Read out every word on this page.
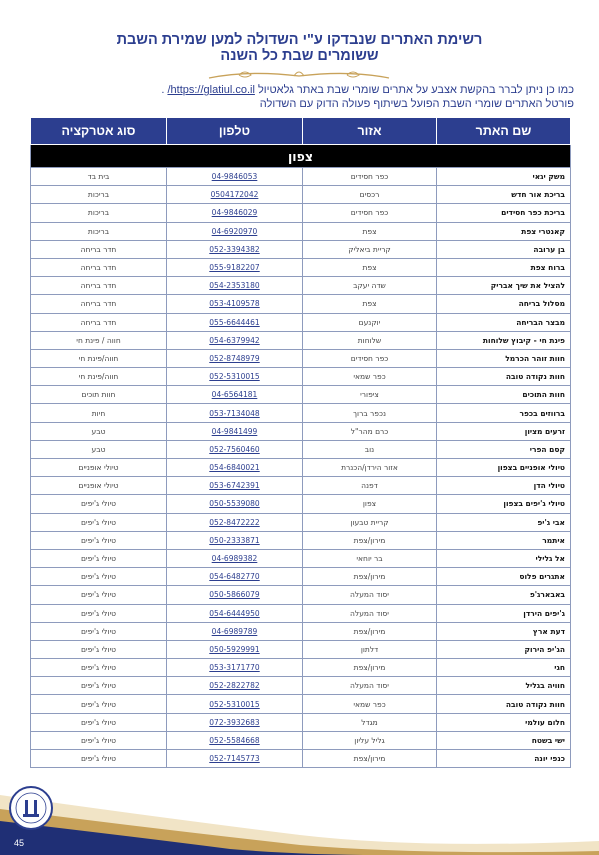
רשימת האתרים שנבדקו ע"י השדולה למען שמירת השבת
ששומרים שבת כל השנה
כמו כן ניתן לברר בהקשת אצבע על אתרים שומרי שבת באתר גלאטיול https://glatiul.co.il/ .
פורטל האתרים שומרי השבת הפועל בשיתוף פעולה הדוק עם השדולה
שם האתר	אזור	טלפון	סוג אטרקציה
צפון			
משק יגאי	כפר חסידים	04-9846053	בית בד
בריכת אור חדש	רכסים	0504172042	בריכות
בריכת כפר חסידים	כפר חסידים	04-9846029	בריכות
קאנטרי צפת	צפת	04-6920970	בריכות
בן ערובה	קריית ביאליק	052-3394382	חדר בריחה
ברוח צפת	צפת	055-9182207	חדר בריחה
להציל את שיך אבריק	שדה יעקב	054-2353180	חדר בריחה
מסלול בריחה	צפת	053-4109578	חדר בריחה
מבצר הבריחה	יוקנעם	055-6644461	חדר בריחה
פינת חי - קיבוץ שלוחות	שלוחות	054-6379942	חווה / פינת חי
חוות זוהר הכרמל	כפר חסידים	052-8748979	חווה/פינת חי
חוות נקודה טובה	כפר שמאי	052-5310015	חווה/פינת חי
חוות התוכים	ציפורי	04-6564181	חוות תוכים
ברווזים בכפר	נכפר ברוך	053-7134048	חיות
זרעים מציון	כרם מהר"ל	04-9841499	טבע
קסם הפרי	נוב	052-7560460	טבע
טיולי אופניים בצפון	אזור הירדן/הכנרת	054-6840021	טיולי אופניים
טיולי הדן	דפנה	053-6742391	טיולי אופניים
טיולי ג'יפים בצפון	צפון	050-5539080	טיולי ג'יפים
אבי ג'יפ	קריית טבעון	052-8472222	טיולי ג'יפים
איתמר	מירון/צפת	050-2333871	טיולי ג'יפים
אל גלילי	בר יוחאי	04-6989382	טיולי ג'יפים
אתגרים פלוס	מירון/צפת	054-6482770	טיולי ג'יפים
באבארג'פ	יסוד המעלה	050-5866079	טיולי ג'יפים
ג'יפים הירדן	יסוד המעלה	054-6444950	טיולי ג'יפים
דעת ארץ	מירון/צפת	04-6989789	טיולי ג'יפים
הג'יפ הירוק	דלתון	050-5929991	טיולי ג'יפים
חגי	מירון/צפת	053-3171770	טיולי ג'יפים
חוויה בגליל	יסוד המעלה	052-2822782	טיולי ג'יפים
חוות נקודה טובה	כפר שמאי	052-5310015	טיולי ג'יפים
חלום עולמי	מגדל	072-3932683	טיולי ג'יפים
ישי בשטח	גליל עליון	052-5584668	טיולי ג'יפים
כנפי יונה	מירון/צפת	052-7145773	טיולי ג'יפים
45
